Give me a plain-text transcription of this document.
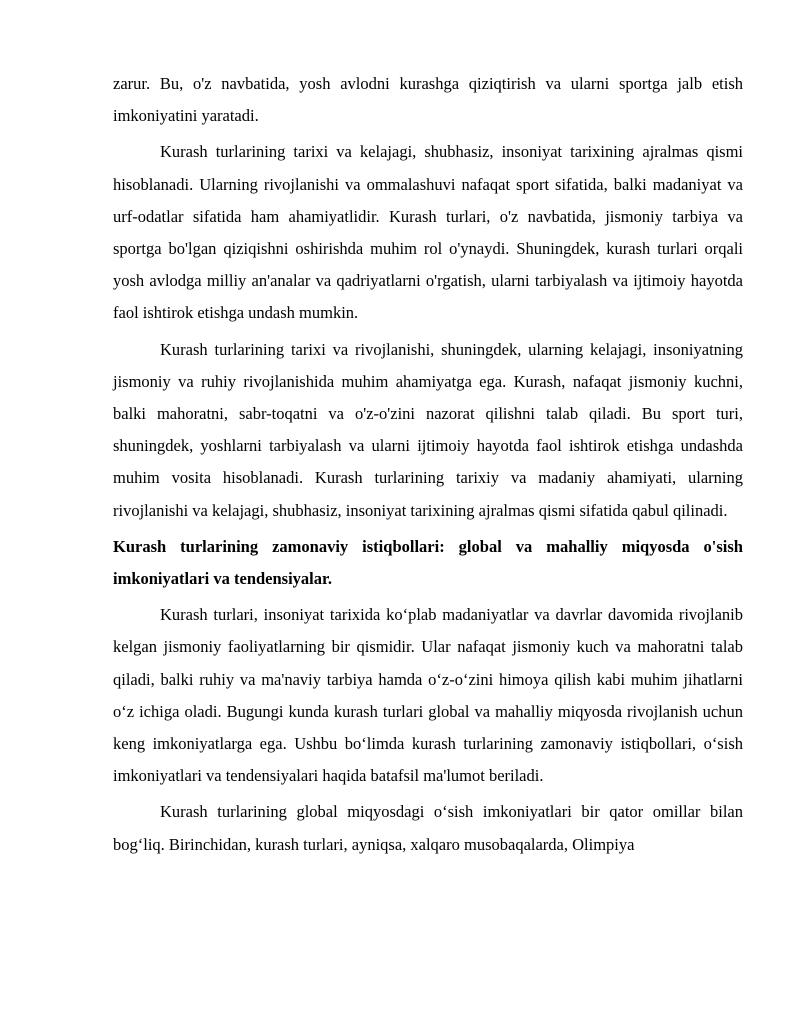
zarur. Bu, o'z navbatida, yosh avlodni kurashga qiziqtirish va ularni sportga jalb etish imkoniyatini yaratadi.

Kurash turlarining tarixi va kelajagi, shubhasiz, insoniyat tarixining ajralmas qismi hisoblanadi. Ularning rivojlanishi va ommalashuvi nafaqat sport sifatida, balki madaniyat va urf-odatlar sifatida ham ahamiyatlidir. Kurash turlari, o'z navbatida, jismoniy tarbiya va sportga bo'lgan qiziqishni oshirishda muhim rol o'ynaydi. Shuningdek, kurash turlari orqali yosh avlodga milliy an'analar va qadriyatlarni o'rgatish, ularni tarbiyalash va ijtimoiy hayotda faol ishtirok etishga undash mumkin.

Kurash turlarining tarixi va rivojlanishi, shuningdek, ularning kelajagi, insoniyatning jismoniy va ruhiy rivojlanishida muhim ahamiyatga ega. Kurash, nafaqat jismoniy kuchni, balki mahoratni, sabr-toqatni va o'z-o'zini nazorat qilishni talab qiladi. Bu sport turi, shuningdek, yoshlarni tarbiyalash va ularni ijtimoiy hayotda faol ishtirok etishga undashda muhim vosita hisoblanadi. Kurash turlarining tarixiy va madaniy ahamiyati, ularning rivojlanishi va kelajagi, shubhasiz, insoniyat tarixining ajralmas qismi sifatida qabul qilinadi.

Kurash turlarining zamonaviy istiqbollari: global va mahalliy miqyosda o'sish imkoniyatlari va tendensiyalar.

Kurash turlari, insoniyat tarixida ko‘plab madaniyatlar va davrlar davomida rivojlanib kelgan jismoniy faoliyatlarning bir qismidir. Ular nafaqat jismoniy kuch va mahoratni talab qiladi, balki ruhiy va ma'naviy tarbiya hamda o‘z-o‘zini himoya qilish kabi muhim jihatlarni o‘z ichiga oladi. Bugungi kunda kurash turlari global va mahalliy miqyosda rivojlanish uchun keng imkoniyatlarga ega. Ushbu bo‘limda kurash turlarining zamonaviy istiqbollari, o‘sish imkoniyatlari va tendensiyalari haqida batafsil ma'lumot beriladi.

Kurash turlarining global miqyosdagi o‘sish imkoniyatlari bir qator omillar bilan bog‘liq. Birinchidan, kurash turlari, ayniqsa, xalqaro musobaqalarda, Olimpiya
